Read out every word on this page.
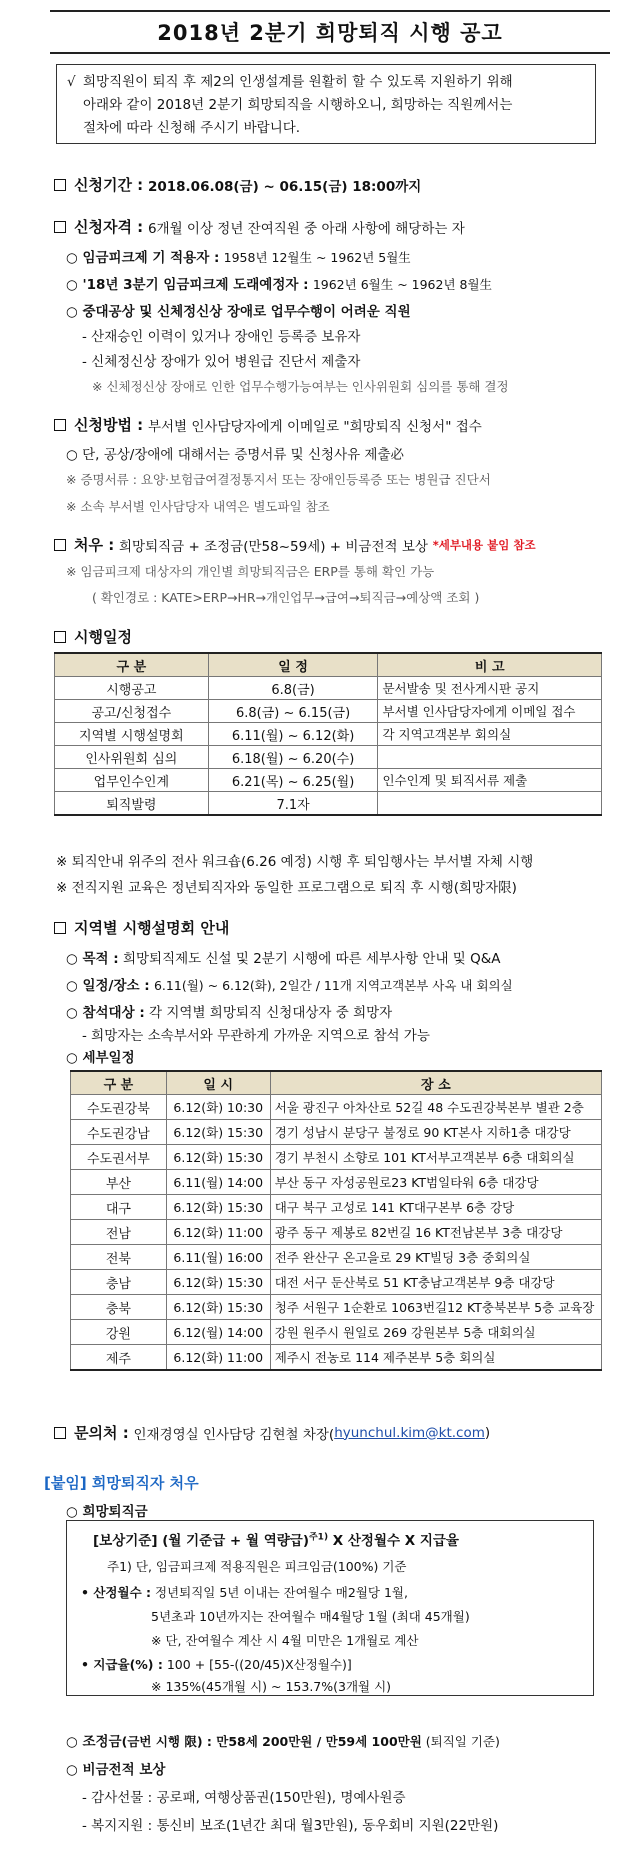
2018년 2분기 희망퇴직 시행 공고
√ 희망직원이 퇴직 후 제2의 인생설계를 원활히 할 수 있도록 지원하기 위해
아래와 같이 2018년 2분기 희망퇴직을 시행하오니, 희망하는 직원께서는
절차에 따라 신청해 주시기 바랍니다.
신청기간 :
2018.06.08(금) ~ 06.15(금) 18:00까지
신청자격 :
6개월 이상 정년 잔여직원 중 아래 사항에 해당하는 자
○ 임금피크제 기 적용자 : 1958년 12월生 ~ 1962년 5월生
○ '18년 3분기 임금피크제 도래예정자 : 1962년 6월生 ~ 1962년 8월生
○ 중대공상 및 신체정신상 장애로 업무수행이 어려운 직원
- 산재승인 이력이 있거나 장애인 등록증 보유자
- 신체정신상 장애가 있어 병원급 진단서 제출자
※ 신체정신상 장애로 인한 업무수행가능여부는 인사위원회 심의를 통해 결정
신청방법 :
부서별 인사담당자에게 이메일로 "희망퇴직 신청서" 접수
○ 단, 공상/장애에 대해서는 증명서류 및 신청사유 제출必
※ 증명서류 : 요양·보험급여결정통지서 또는 장애인등록증 또는 병원급 진단서
※ 소속 부서별 인사담당자 내역은 별도파일 참조
처우 :
희망퇴직금 + 조정금(만58~59세) + 비금전적 보상
*세부내용 붙임 참조
※ 임금피크제 대상자의 개인별 희망퇴직금은 ERP를 통해 확인 가능
( 확인경로 : KATE>ERP→HR→개인업무→급여→퇴직금→예상액 조회 )
시행일정
구 분	일 정	비 고
시행공고	6.8(금)	문서발송 및 전사게시판 공지
공고/신청접수	6.8(금) ~ 6.15(금)	부서별 인사담당자에게 이메일 접수
지역별 시행설명회	6.11(월) ~ 6.12(화)	각 지역고객본부 회의실
인사위원회 심의	6.18(월) ~ 6.20(수)	
업무인수인계	6.21(목) ~ 6.25(월)	인수인계 및 퇴직서류 제출
퇴직발령	7.1자	
※ 퇴직안내 위주의 전사 워크숍(6.26 예정) 시행 후 퇴임행사는 부서별 자체 시행
※ 전직지원 교육은 정년퇴직자와 동일한 프로그램으로 퇴직 후 시행(희망자限)
지역별 시행설명회 안내
○ 목적 : 희망퇴직제도 신설 및 2분기 시행에 따른 세부사항 안내 및 Q&A
○ 일정/장소 : 6.11(월) ~ 6.12(화), 2일간 / 11개 지역고객본부 사옥 내 회의실
○ 참석대상 : 각 지역별 희망퇴직 신청대상자 중 희망자
- 희망자는 소속부서와 무관하게 가까운 지역으로 참석 가능
○ 세부일정
구 분	일 시	장 소
수도권강북	6.12(화) 10:30	서울 광진구 아차산로 52길 48 수도권강북본부 별관 2층
수도권강남	6.12(화) 15:30	경기 성남시 분당구 불정로 90 KT본사 지하1층 대강당
수도권서부	6.12(화) 15:30	경기 부천시 소향로 101 KT서부고객본부 6층 대회의실
부산	6.11(월) 14:00	부산 동구 자성공원로23 KT범일타워 6층 대강당
대구	6.12(화) 15:30	대구 북구 고성로 141 KT대구본부 6층 강당
전남	6.12(화) 11:00	광주 동구 제봉로 82번길 16 KT전남본부 3층 대강당
전북	6.11(월) 16:00	전주 완산구 온고을로 29 KT빌딩 3층 중회의실
충남	6.12(화) 15:30	대전 서구 둔산북로 51 KT충남고객본부 9층 대강당
충북	6.12(화) 15:30	청주 서원구 1순환로 1063번길12 KT충북본부 5층 교육장
강원	6.12(월) 14:00	강원 원주시 원일로 269 강원본부 5층 대회의실
제주	6.12(화) 11:00	제주시 전농로 114 제주본부 5층 회의실
문의처 :
인재경영실 인사담당 김현철 차장( hyunchul.kim@kt.com )
[붙임] 희망퇴직자 처우
○ 희망퇴직금
[보상기준] (월 기준급 + 월 역량급)$^{주1)}$ X 산정월수 X 지급율
주1) 단, 임금피크제 적용직원은 피크임금(100%) 기준
• 산정월수 : 정년퇴직일 5년 이내는 잔여월수 매2월당 1월,
5년초과 10년까지는 잔여월수 매4월당 1월 (최대 45개월)
※ 단, 잔여월수 계산 시 4월 미만은 1개월로 계산
• 지급율(%) : 100 + [55-((20/45)X산정월수)]
※ 135%(45개월 시) ~ 153.7%(3개월 시)
○ 조정금(금번 시행 限) : 만58세 200만원 / 만59세 100만원 (퇴직일 기준)
○ 비금전적 보상
- 감사선물 : 공로패, 여행상품권(150만원), 명예사원증
- 복지지원 : 통신비 보조(1년간 최대 월3만원), 동우회비 지원(22만원)
